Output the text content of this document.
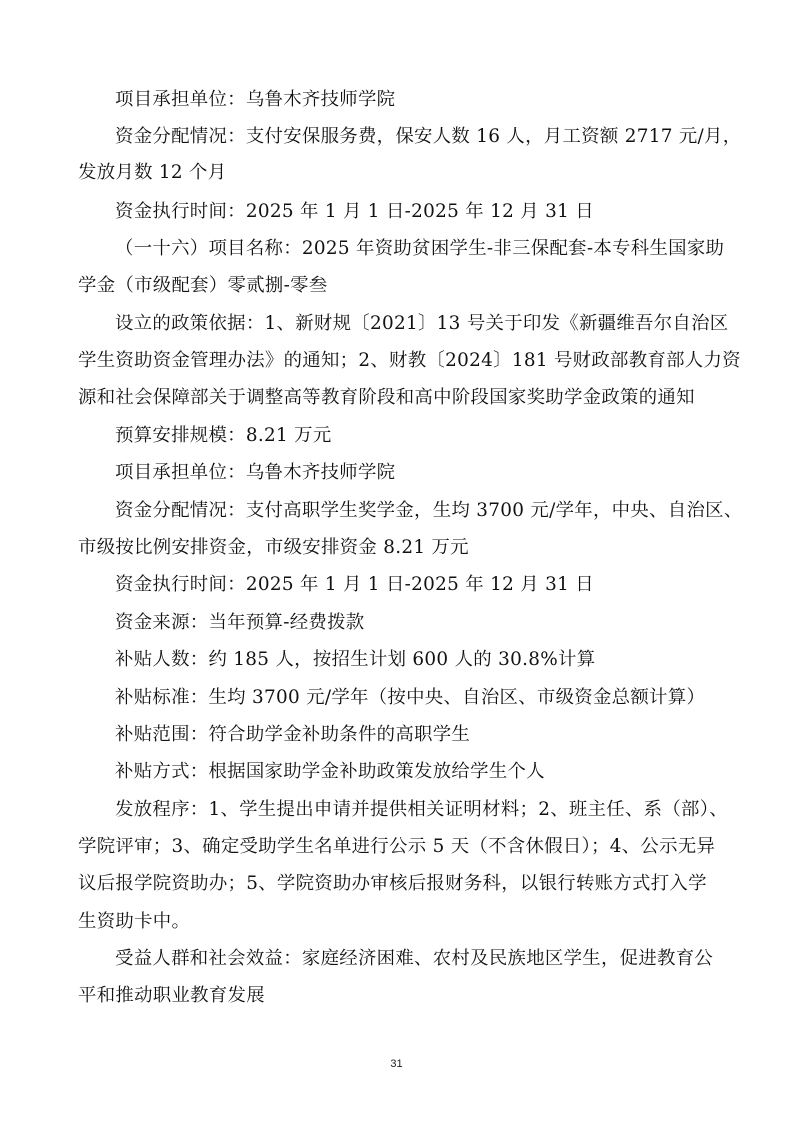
项目承担单位：乌鲁木齐技师学院
资金分配情况：支付安保服务费，保安人数 16 人，月工资额 2717 元/月，
发放月数 12 个月
资金执行时间：2025 年 1 月 1 日-2025 年 12 月 31 日
（一十六）项目名称：2025 年资助贫困学生-非三保配套-本专科生国家助
学金（市级配套）零贰捌-零叁
设立的政策依据：1、新财规〔2021〕13 号关于印发《新疆维吾尔自治区
学生资助资金管理办法》的通知；2、财教〔2024〕181 号财政部教育部人力资
源和社会保障部关于调整高等教育阶段和高中阶段国家奖助学金政策的通知
预算安排规模：8.21 万元
项目承担单位：乌鲁木齐技师学院
资金分配情况：支付高职学生奖学金，生均 3700 元/学年，中央、自治区、
市级按比例安排资金，市级安排资金 8.21 万元
资金执行时间：2025 年 1 月 1 日-2025 年 12 月 31 日
资金来源：当年预算-经费拨款
补贴人数：约 185 人，按招生计划 600 人的 30.8%计算
补贴标准：生均 3700 元/学年（按中央、自治区、市级资金总额计算）
补贴范围：符合助学金补助条件的高职学生
补贴方式：根据国家助学金补助政策发放给学生个人
发放程序：1、学生提出申请并提供相关证明材料；2、班主任、系（部）、
学院评审；3、确定受助学生名单进行公示 5 天（不含休假日）；4、公示无异
议后报学院资助办；5、学院资助办审核后报财务科，以银行转账方式打入学
生资助卡中。
受益人群和社会效益：家庭经济困难、农村及民族地区学生，促进教育公
平和推动职业教育发展
31
